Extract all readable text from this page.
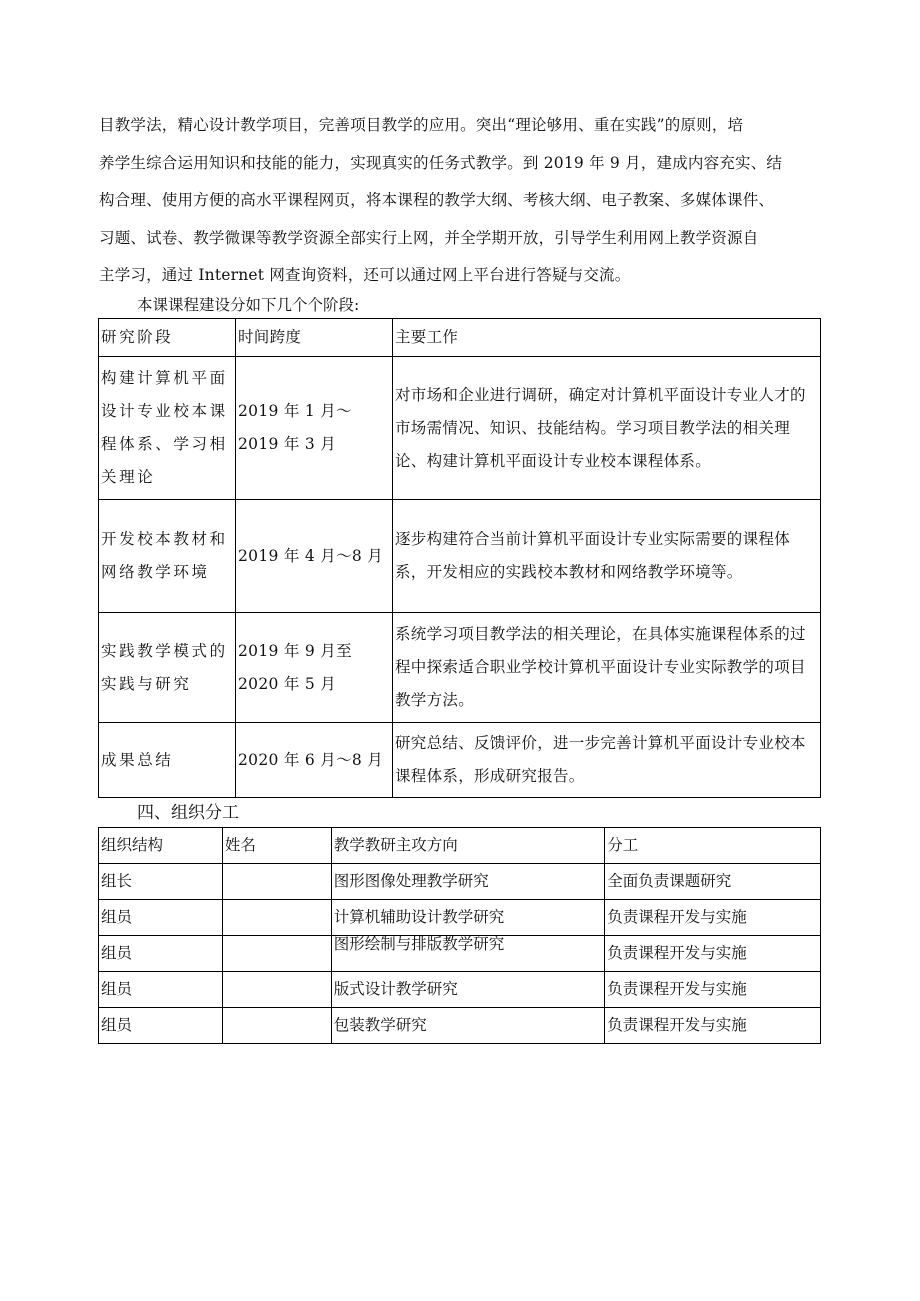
目教学法，精心设计教学项目，完善项目教学的应用。突出“理论够用、重在实践”的原则，培
养学生综合运用知识和技能的能力，实现真实的任务式教学。到 2019 年 9 月，建成内容充实、结
构合理、使用方便的高水平课程网页，将本课程的教学大纲、考核大纲、电子教案、多媒体课件、
习题、试卷、教学微课等教学资源全部实行上网，并全学期开放，引导学生利用网上教学资源自
主学习，通过 Internet 网查询资料，还可以通过网上平台进行答疑与交流。
本课课程建设分如下几个个阶段:
研究阶段	时间跨度	主要工作
构建计算机平面设计专业校本课程体系、学习相关理论	2019 年 1 月～2019 年 3 月	对市场和企业进行调研，确定对计算机平面设计专业人才的市场需情况、知识、技能结构。学习项目教学法的相关理论、构建计算机平面设计专业校本课程体系。
开发校本教材和网络教学环境	2019 年 4 月～8 月	逐步构建符合当前计算机平面设计专业实际需要的课程体系，开发相应的实践校本教材和网络教学环境等。
实践教学模式的实践与研究	2019 年 9 月至 2020 年 5 月	系统学习项目教学法的相关理论，在具体实施课程体系的过程中探索适合职业学校计算机平面设计专业实际教学的项目教学方法。
成果总结	2020 年 6 月～8 月	研究总结、反馈评价，进一步完善计算机平面设计专业校本课程体系，形成研究报告。
四、组织分工
组织结构	姓名	教学教研主攻方向	分工
组长		图形图像处理教学研究	全面负责课题研究
组员		计算机辅助设计教学研究	负责课程开发与实施
组员		图形绘制与排版教学研究	负责课程开发与实施
组员		版式设计教学研究	负责课程开发与实施
组员		包装教学研究	负责课程开发与实施
